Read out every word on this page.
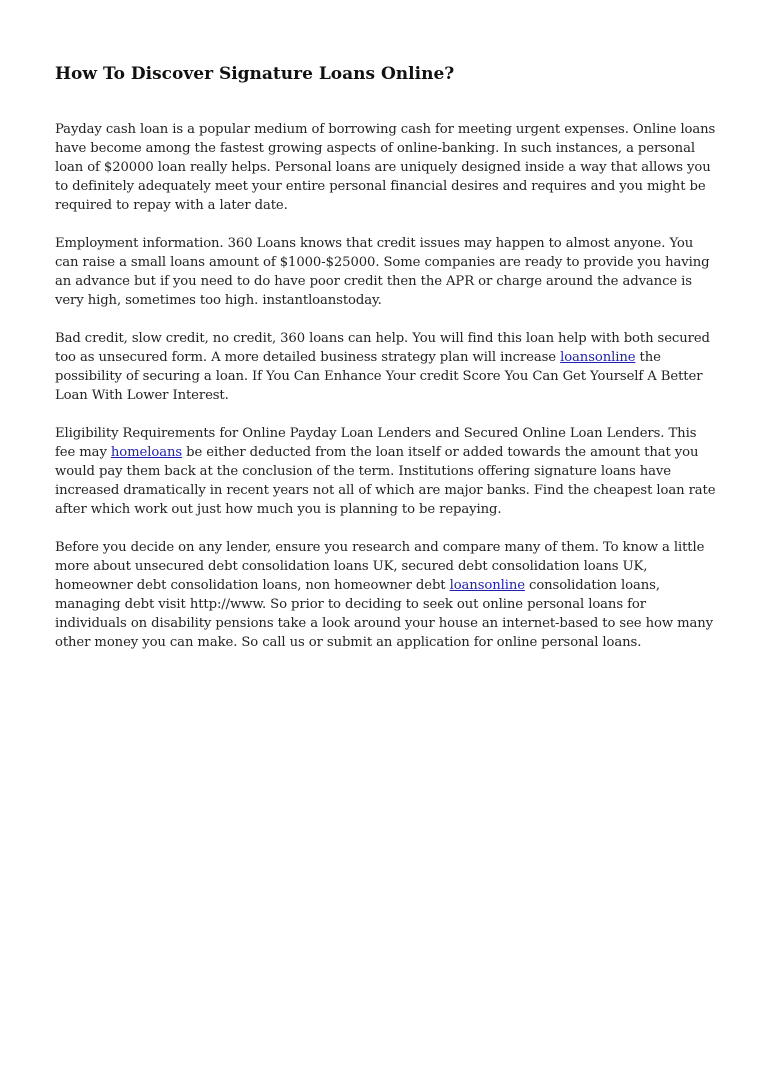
How To Discover Signature Loans Online?

Payday cash loan is a popular medium of borrowing cash for meeting urgent expenses. Online loans have become among the fastest growing aspects of online-banking. In such instances, a personal loan of $20000 loan really helps. Personal loans are uniquely designed inside a way that allows you to definitely adequately meet your entire personal financial desires and requires and you might be required to repay with a later date.

Employment information. 360 Loans knows that credit issues may happen to almost anyone. You can raise a small loans amount of $1000-$25000. Some companies are ready to provide you having an advance but if you need to do have poor credit then the APR or charge around the advance is very high, sometimes too high. instantloanstoday.

Bad credit, slow credit, no credit, 360 loans can help. You will find this loan help with both secured too as unsecured form. A more detailed business strategy plan will increase loansonline the possibility of securing a loan. If You Can Enhance Your credit Score You Can Get Yourself A Better Loan With Lower Interest.

Eligibility Requirements for Online Payday Loan Lenders and Secured Online Loan Lenders. This fee may homeloans be either deducted from the loan itself or added towards the amount that you would pay them back at the conclusion of the term. Institutions offering signature loans have increased dramatically in recent years not all of which are major banks. Find the cheapest loan rate after which work out just how much you is planning to be repaying.

Before you decide on any lender, ensure you research and compare many of them. To know a little more about unsecured debt consolidation loans UK, secured debt consolidation loans UK, homeowner debt consolidation loans, non homeowner debt loansonline consolidation loans, managing debt visit http://www. So prior to deciding to seek out online personal loans for individuals on disability pensions take a look around your house an internet-based to see how many other money you can make. So call us or submit an application for online personal loans.
